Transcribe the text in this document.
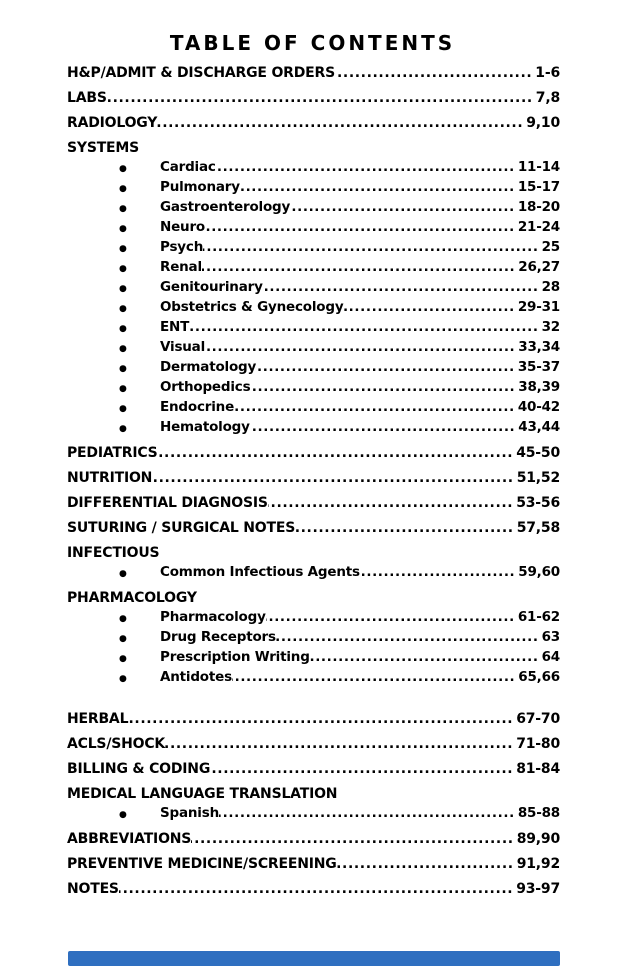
TABLE OF CONTENTS
H&P/ADMIT & DISCHARGE ORDERS .....	1-6
LABS .....	7,8
RADIOLOGY .....	9,10
SYSTEMS
●	Cardiac .....	11-14
●	Pulmonary .....	15-17
●	Gastroenterology .....	18-20
●	Neuro .....	21-24
●	Psych .....	25
●	Renal .....	26,27
●	Genitourinary .....	28
●	Obstetrics & Gynecology .....	29-31
●	ENT .....	32
●	Visual .....	33,34
●	Dermatology .....	35-37
●	Orthopedics .....	38,39
●	Endocrine .....	40-42
●	Hematology .....	43,44
PEDIATRICS .....	45-50
NUTRITION .....	51,52
DIFFERENTIAL DIAGNOSIS .....	53-56
SUTURING / SURGICAL NOTES .....	57,58
INFECTIOUS
●	Common Infectious Agents .....	59,60
PHARMACOLOGY
●	Pharmacology .....	61-62
●	Drug Receptors .....	63
●	Prescription Writing .....	64
●	Antidotes .....	65,66
HERBAL .....	67-70
ACLS/SHOCK .....	71-80
BILLING & CODING .....	81-84
MEDICAL LANGUAGE TRANSLATION
●	Spanish .....	85-88
ABBREVIATIONS .....	89,90
PREVENTIVE MEDICINE/SCREENING .....	91,92
NOTES .....	93-97
